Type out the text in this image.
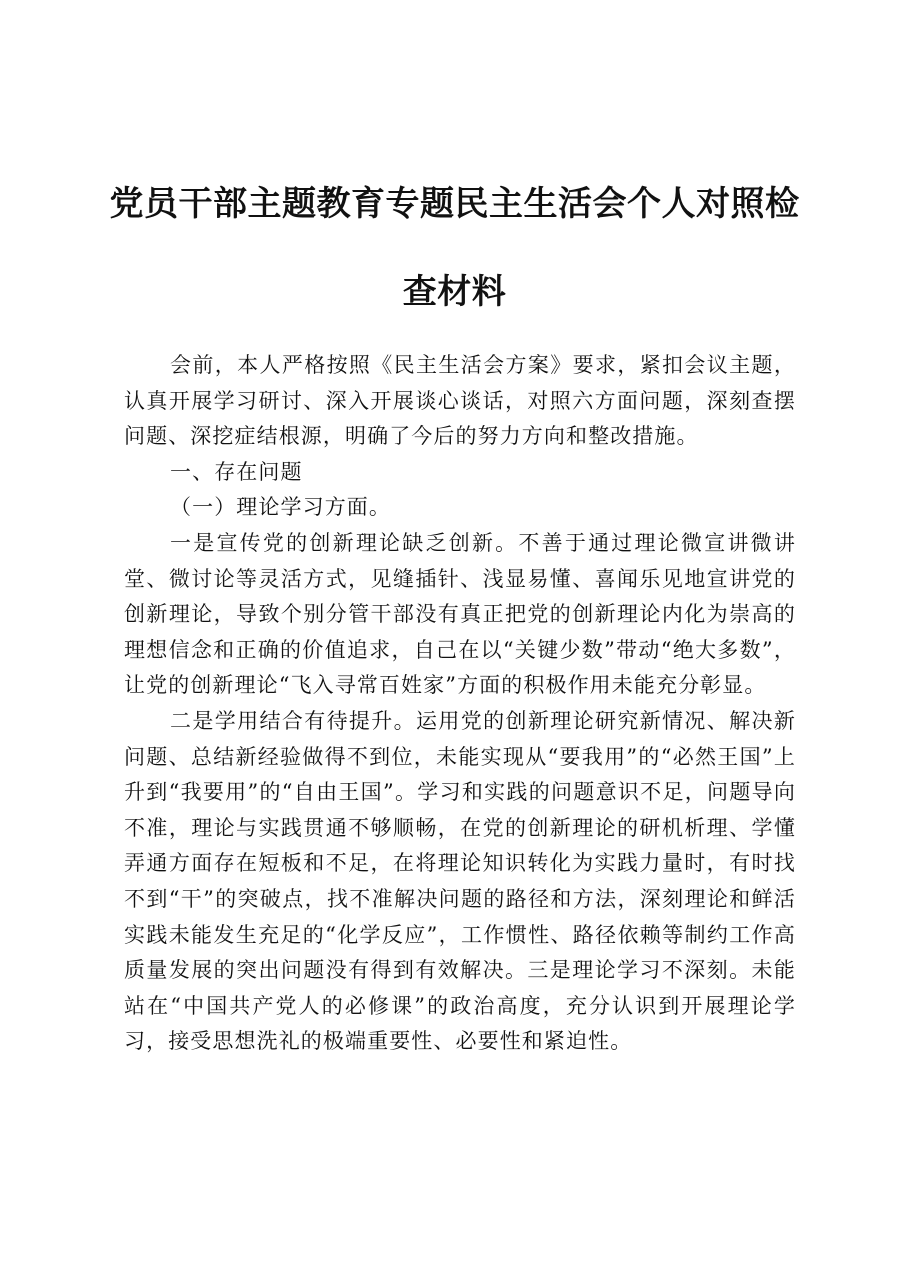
党员干部主题教育专题民主生活会个人对照检查材料

会前，本人严格按照《民主生活会方案》要求，紧扣会议主题，认真开展学习研讨、深入开展谈心谈话，对照六方面问题，深刻查摆问题、深挖症结根源，明确了今后的努力方向和整改措施。

一、存在问题

（一）理论学习方面。

一是宣传党的创新理论缺乏创新。不善于通过理论微宣讲微讲堂、微讨论等灵活方式，见缝插针、浅显易懂、喜闻乐见地宣讲党的创新理论，导致个别分管干部没有真正把党的创新理论内化为崇高的理想信念和正确的价值追求，自己在以“关键少数”带动“绝大多数”，让党的创新理论“飞入寻常百姓家”方面的积极作用未能充分彰显。

二是学用结合有待提升。运用党的创新理论研究新情况、解决新问题、总结新经验做得不到位，未能实现从“要我用”的“必然王国”上升到“我要用”的“自由王国”。学习和实践的问题意识不足，问题导向不准，理论与实践贯通不够顺畅，在党的创新理论的研机析理、学懂弄通方面存在短板和不足，在将理论知识转化为实践力量时，有时找不到“干”的突破点，找不准解决问题的路径和方法，深刻理论和鲜活实践未能发生充足的“化学反应”，工作惯性、路径依赖等制约工作高质量发展的突出问题没有得到有效解决。三是理论学习不深刻。未能站在“中国共产党人的必修课”的政治高度，充分认识到开展理论学习，接受思想洗礼的极端重要性、必要性和紧迫性。
